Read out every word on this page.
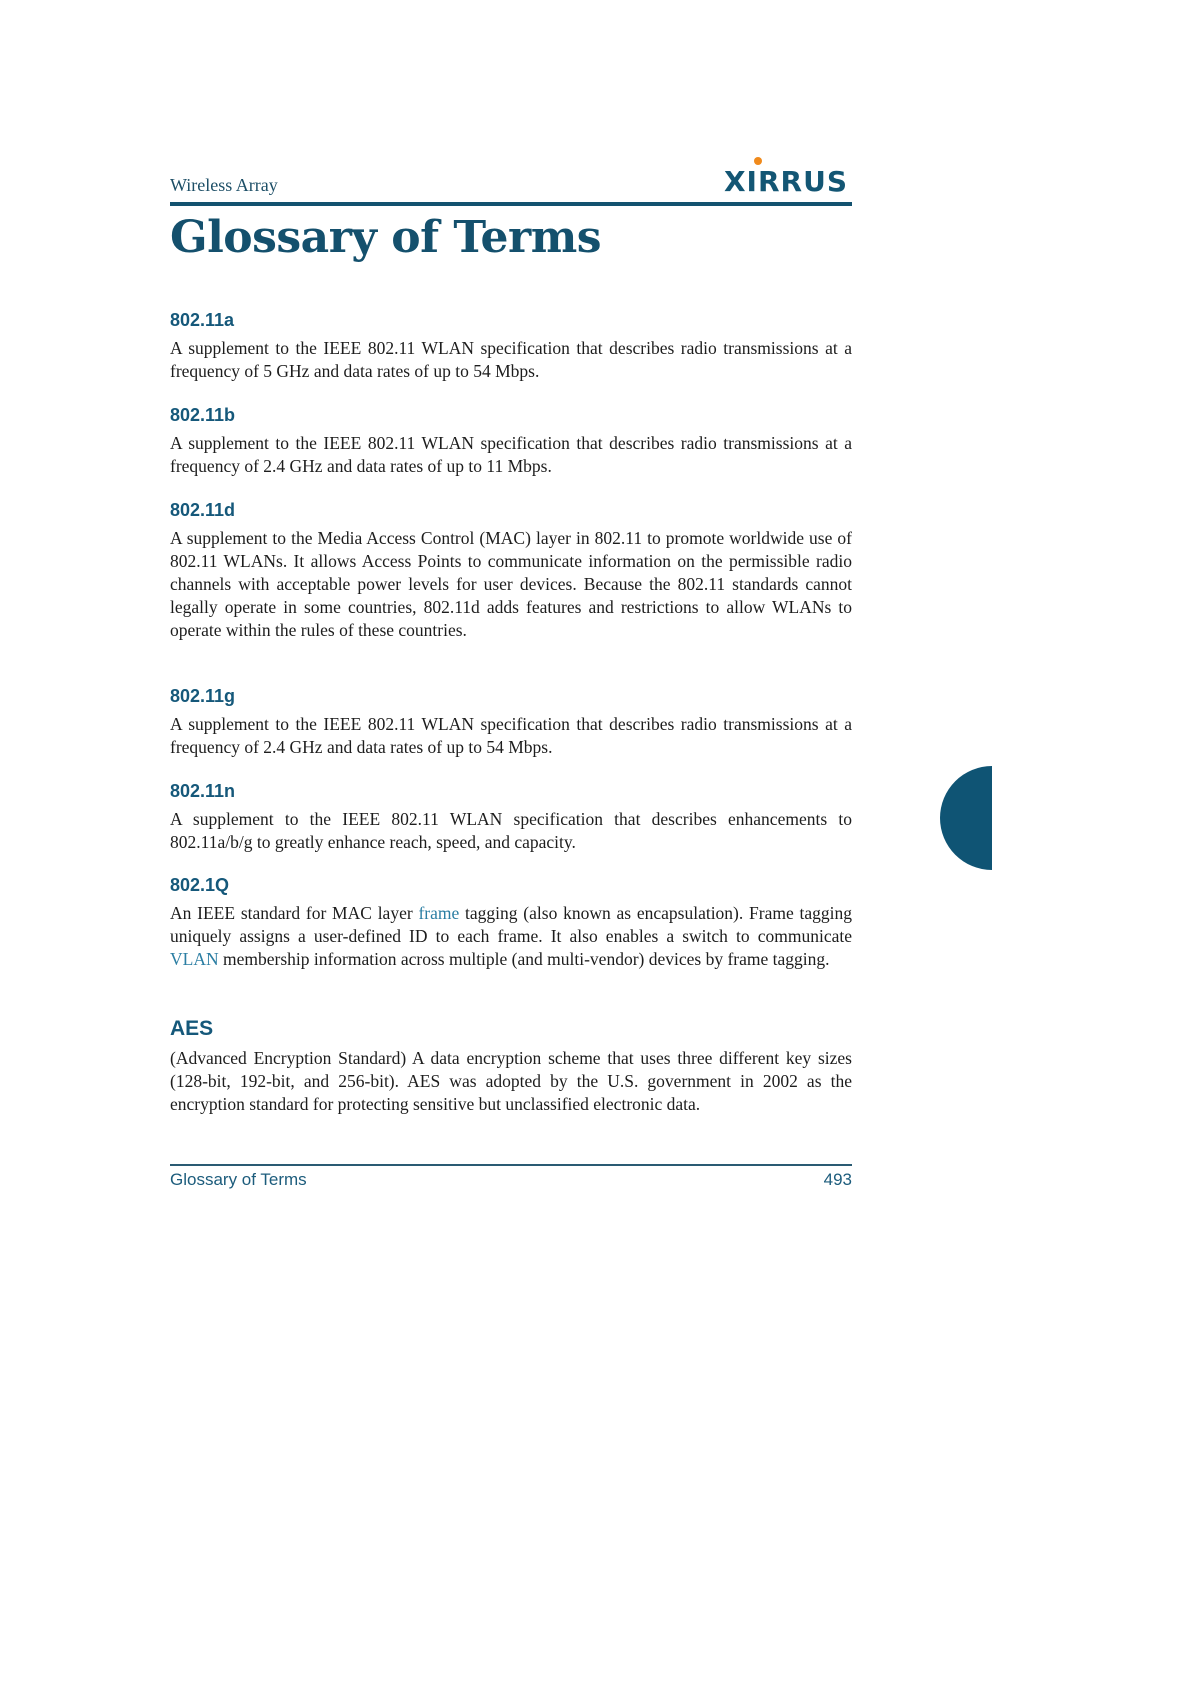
Wireless Array	XIRRUS
Glossary of Terms
802.11a

A supplement to the IEEE 802.11 WLAN specification that describes radio transmissions at a frequency of 5 GHz and data rates of up to 54 Mbps.

802.11b

A supplement to the IEEE 802.11 WLAN specification that describes radio transmissions at a frequency of 2.4 GHz and data rates of up to 11 Mbps.

802.11d

A supplement to the Media Access Control (MAC) layer in 802.11 to promote worldwide use of 802.11 WLANs. It allows Access Points to communicate information on the permissible radio channels with acceptable power levels for user devices. Because the 802.11 standards cannot legally operate in some countries, 802.11d adds features and restrictions to allow WLANs to operate within the rules of these countries.

802.11g

A supplement to the IEEE 802.11 WLAN specification that describes radio transmissions at a frequency of 2.4 GHz and data rates of up to 54 Mbps.

802.11n

A supplement to the IEEE 802.11 WLAN specification that describes enhancements to 802.11a/b/g to greatly enhance reach, speed, and capacity.

802.1Q

An IEEE standard for MAC layer frame tagging (also known as encapsulation). Frame tagging uniquely assigns a user-defined ID to each frame. It also enables a switch to communicate VLAN membership information across multiple (and multi-vendor) devices by frame tagging.

AES

(Advanced Encryption Standard) A data encryption scheme that uses three different key sizes (128-bit, 192-bit, and 256-bit). AES was adopted by the U.S. government in 2002 as the encryption standard for protecting sensitive but unclassified electronic data.

Glossary of Terms	493
